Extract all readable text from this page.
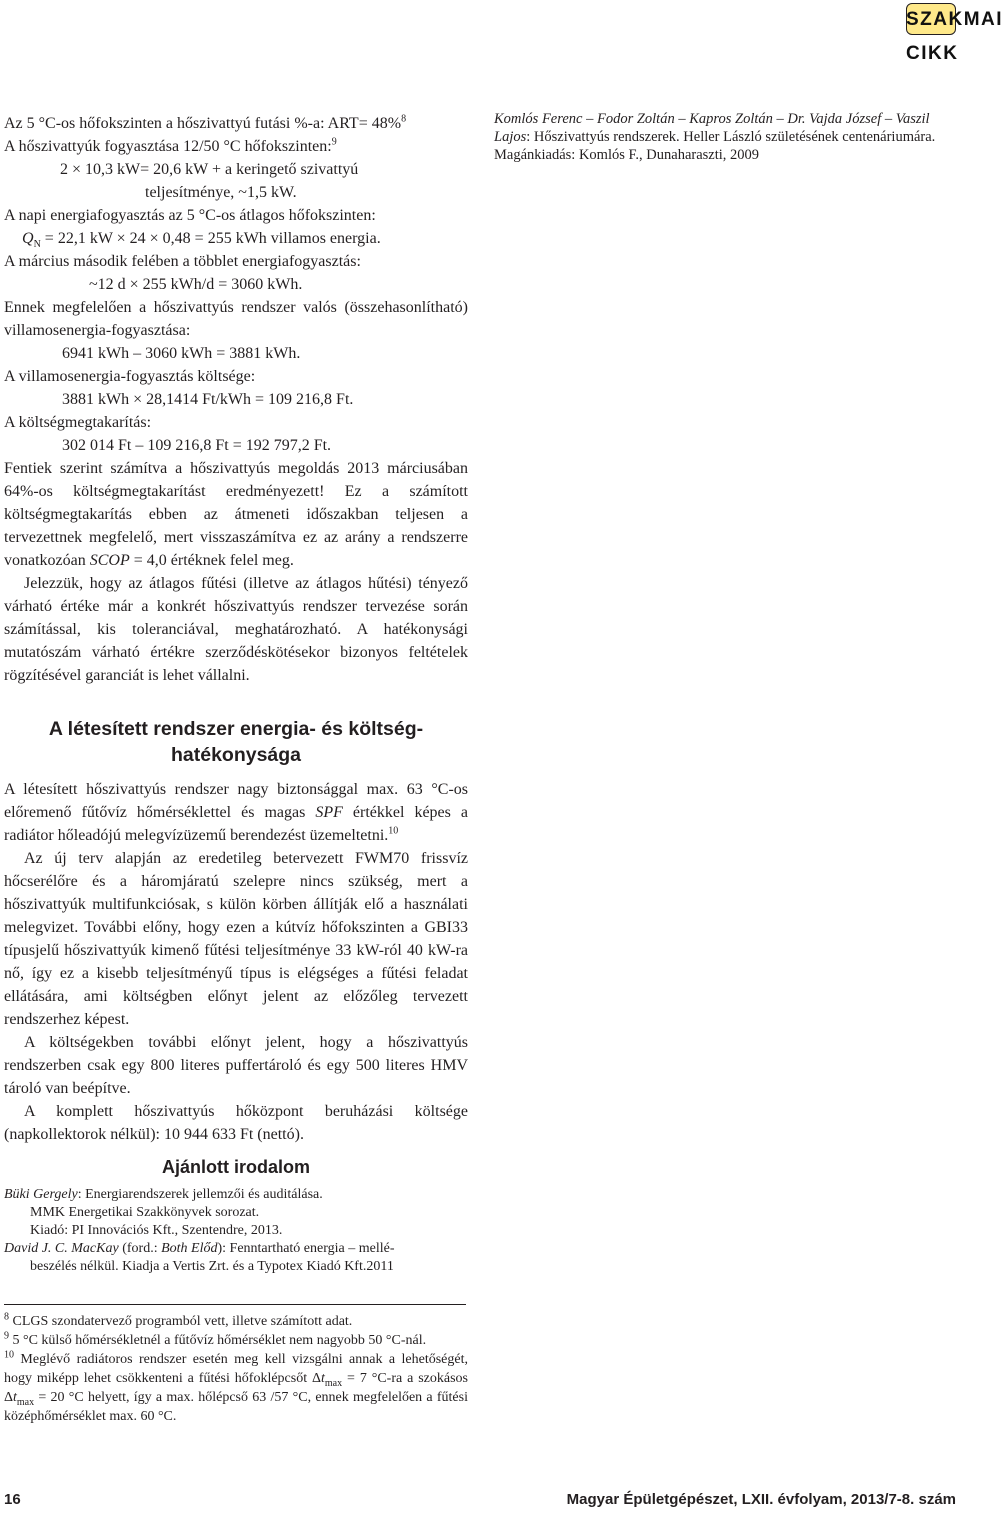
SZAKMAI CIKK

Az 5 °C-os hőfokszinten a hőszivattyú futási %-a: ART= 48%$^8$

A hőszivattyúk fogyasztása 12/50 °C hőfokszinten:$^9$

2 × 10,3 kW= 20,6 kW + a keringető szivattyú

teljesítménye, ~1,5 kW.

A napi energiafogyasztás az 5 °C-os átlagos hőfokszinten:

$Q_N = 22,1$ kW × 24 × 0,48 = 255 kWh villamos energia.

A március második felében a többlet energiafogyasztás:

~12 d × 255 kWh/d = 3060 kWh.

Ennek megfelelően a hőszivattyús rendszer valós (összehasonlítható) villamosenergia-fogyasztása:

6941 kWh – 3060 kWh = 3881 kWh.

A villamosenergia-fogyasztás költsége:

3881 kWh × 28,1414 Ft/kWh = 109 216,8 Ft.

A költségmegtakarítás:

302 014 Ft – 109 216,8 Ft = 192 797,2 Ft.

Fentiek szerint számítva a hőszivattyús megoldás 2013 márciusában 64%-os költségmegtakarítást eredményezett! Ez a számított költségmegtakarítás ebben az átmeneti időszakban teljesen a tervezettnek megfelelő, mert visszaszámítva ez az arány a rendszerre vonatkozóan SCOP = 4,0 értéknek felel meg.

Jelezzük, hogy az átlagos fűtési (illetve az átlagos hűtési) tényező várható értéke már a konkrét hőszivattyús rendszer tervezése során számítással, kis toleranciával, meghatározható. A hatékonysági mutatószám várható értékre szerződéskötésekor bizonyos feltételek rögzítésével garanciát is lehet vállalni.

A létesített rendszer energia- és költség-
hatékonysága

A létesített hőszivattyús rendszer nagy biztonsággal max. 63 °C-os előremenő fűtővíz hőmérséklettel és magas SPF értékkel képes a radiátor hőleadójú melegvízüzemű berendezést üzemeltetni.$^{10}$

Az új terv alapján az eredetileg betervezett FWM70 frissvíz hőcserélőre és a háromjáratú szelepre nincs szükség, mert a hőszivattyúk multifunkciósak, s külön körben állítják elő a használati melegvizet. További előny, hogy ezen a kútvíz hőfokszinten a GBI33 típusjelű hőszivattyúk kimenő fűtési teljesítménye 33 kW-ról 40 kW-ra nő, így ez a kisebb teljesítményű típus is elégséges a fűtési feladat ellátására, ami költségben előnyt jelent az előzőleg tervezett rendszerhez képest.

A költségekben további előnyt jelent, hogy a hőszivattyús rendszerben csak egy 800 literes puffertároló és egy 500 literes HMV tároló van beépítve.

A komplett hőszivattyús hőközpont beruházási költsége (napkollektorok nélkül): 10 944 633 Ft (nettó).

Ajánlott irodalom
Büki Gergely: Energiarendszerek jellemzői és auditálása.
MMK Energetikai Szakkönyvek sorozat.
Kiadó: PI Innovációs Kft., Szentendre, 2013.
David J. C. MacKay (ford.: Both Előd): Fenntartható energia – mellé-
beszélés nélkül. Kiadja a Vertis Zrt. és a Typotex Kiadó Kft.2011

$^8$ CLGS szondatervező programból vett, illetve számított adat.

$^9$ 5 °C külső hőmérsékletnél a fűtővíz hőmérséklet nem nagyobb 50 °C-nál.

$^{10}$ Meglévő radiátoros rendszer esetén meg kell vizsgálni annak a lehetőségét, hogy miképp lehet csökkenteni a fűtési hőfoklépcsőt $\Delta t_{max} = 7$ °C-ra a szokásos $\Delta t_{max} = 20$ °C helyett, így a max. hőlépcső 63 /57 °C, ennek megfelelően a fűtési középhőmérséklet max. 60 °C.

Komlós Ferenc – Fodor Zoltán – Kapros Zoltán – Dr. Vajda József – Vaszil Lajos: Hőszivattyús rendszerek. Heller László születésének centenáriumára.
Magánkiadás: Komlós F., Dunaharaszti, 2009
16	Magyar Épületgépészet, LXII. évfolyam, 2013/7-8. szám
